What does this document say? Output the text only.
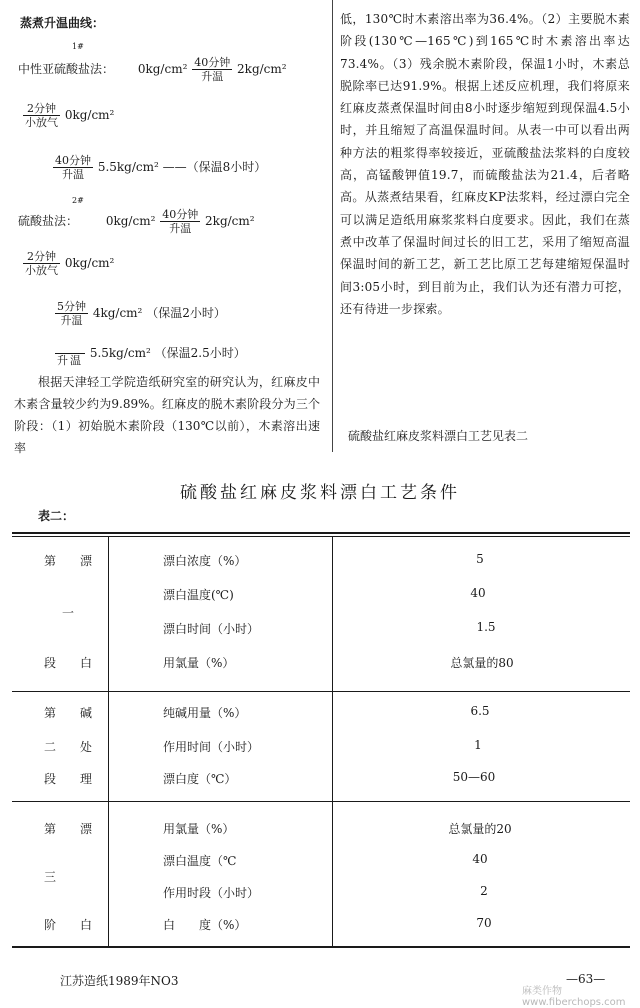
蒸煮升温曲线：
$^{1\#}$
中性亚硫酸盐法： $0kg/cm^2 \frac{\text{40分钟}}{\text{升温}} 2kg/cm^2$
$\frac{\text{2分钟}}{\text{小放气}} 0kg/cm^2$
$\frac{\text{40分钟}}{\text{升温}} 5.5kg/cm^2$ ——（保温8小时）
$^{2\#}$
硫酸盐法： $0kg/cm^2 \frac{\text{40分钟}}{\text{升温}} 2kg/cm^2$
$\frac{\text{2分钟}}{\text{小放气}} 0kg/cm^2$
$\frac{\text{5分钟}}{\text{升温}} 4kg/cm^2$ （保温2小时）

升温
5.5kg/cm² （保温2.5小时）
根据天津轻工学院造纸研究室的研究认为，红麻皮中木素含量较少约为9.89%。红麻皮的脱木素阶段分为三个阶段：（1）初始脱木素阶段（130℃以前），木素溶出速率

低，130℃时木素溶出率为36.4%。（2）主要脱木素阶段(130℃—165℃)到165℃时木素溶出率达73.4%。（3）残余脱木素阶段，保温1小时，木素总脱除率已达91.9%。根据上述反应机理，我们将原来红麻皮蒸煮保温时间由8小时逐步缩短到现保温4.5小时，并且缩短了高温保温时间。从表一中可以看出两种方法的粗浆得率较接近，亚硫酸盐法浆料的白度较高，高锰酸钾值19.7，而硫酸盐法为21.4，后者略高。从蒸煮结果看，红麻皮KP法浆料，经过漂白完全可以满足造纸用麻浆浆料白度要求。因此，我们在蒸煮中改革了保温时间过长的旧工艺，采用了缩短高温保温时间的新工艺，新工艺比原工艺每建缩短保温时间3:05小时，到目前为止，我们认为还有潜力可挖，还有待进一步探索。

硫酸盐红麻皮浆料漂白工艺见表二
硫酸盐红麻皮浆料漂白工艺条件
表二：
第 漂
一
段 白
漂白浓度（%）	5
漂白温度(℃)	40
漂白时间（小时）	1.5
用氯量（%）	总氯量的80
第 碱
二 处
段 理
纯碱用量（%）	6.5
作用时间（小时）	1
漂白度（℃）	50—60
第 漂
三
阶 白
用氯量（%）	总氯量的20
漂白温度（℃	40
作用时段（小时）	2
白　　度（%）	70
江苏造纸1989年NO3	—63—
麻类作物 www.fiberchops.com
